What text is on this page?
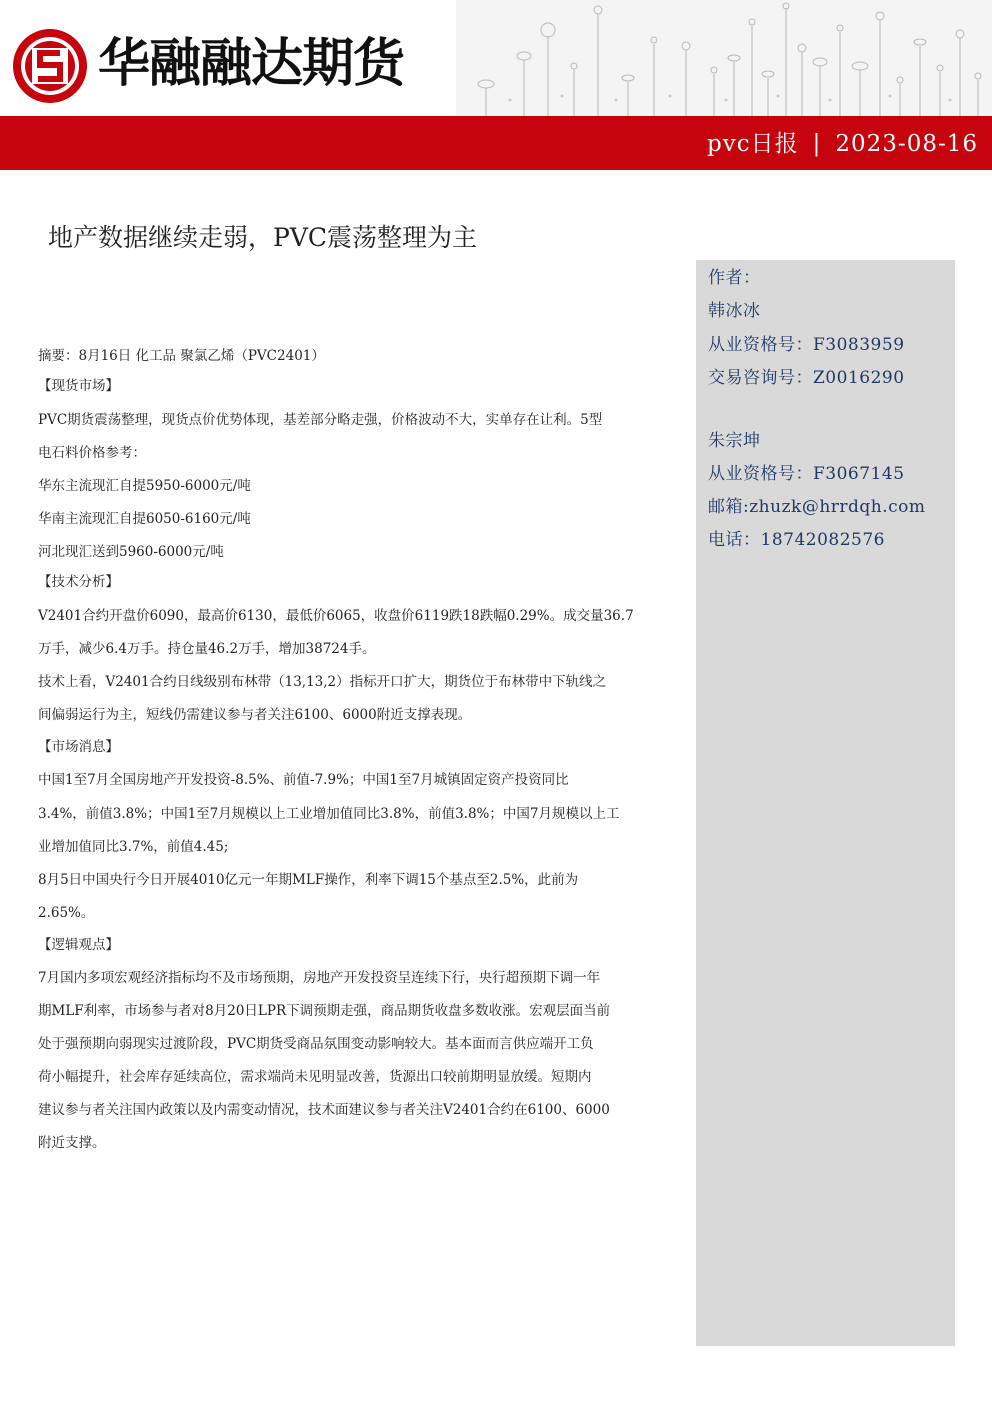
华融融达期货
pvc日报 | 2023-08-16
地产数据继续走弱，PVC震荡整理为主
作者：
韩冰冰
从业资格号：F3083959
交易咨询号：Z0016290
朱宗坤
从业资格号：F3067145
邮箱:zhuzk@hrrdqh.com
电话：18742082576

摘要：8月16日 化工品 聚氯乙烯（PVC2401）

【现货市场】

PVC期货震荡整理，现货点价优势体现，基差部分略走强，价格波动不大，实单存在让利。5型

电石料价格参考：

华东主流现汇自提5950-6000元/吨

华南主流现汇自提6050-6160元/吨

河北现汇送到5960-6000元/吨

【技术分析】

V2401合约开盘价6090，最高价6130，最低价6065，收盘价6119跌18跌幅0.29%。成交量36.7

万手，减少6.4万手。持仓量46.2万手，增加38724手。

技术上看，V2401合约日线级别布林带（13,13,2）指标开口扩大，期货位于布林带中下轨线之

间偏弱运行为主，短线仍需建议参与者关注6100、6000附近支撑表现。

【市场消息】

中国1至7月全国房地产开发投资-8.5%、前值-7.9%；中国1至7月城镇固定资产投资同比

3.4%，前值3.8%；中国1至7月规模以上工业增加值同比3.8%，前值3.8%；中国7月规模以上工

业增加值同比3.7%，前值4.45;

8月5日中国央行今日开展4010亿元一年期MLF操作，利率下调15个基点至2.5%，此前为

2.65%。

【逻辑观点】

7月国内多项宏观经济指标均不及市场预期，房地产开发投资呈连续下行，央行超预期下调一年

期MLF利率，市场参与者对8月20日LPR下调预期走强，商品期货收盘多数收涨。宏观层面当前

处于强预期向弱现实过渡阶段，PVC期货受商品氛围变动影响较大。基本面而言供应端开工负

荷小幅提升，社会库存延续高位，需求端尚未见明显改善，货源出口较前期明显放缓。短期内

建议参与者关注国内政策以及内需变动情况，技术面建议参与者关注V2401合约在6100、6000

附近支撑。
